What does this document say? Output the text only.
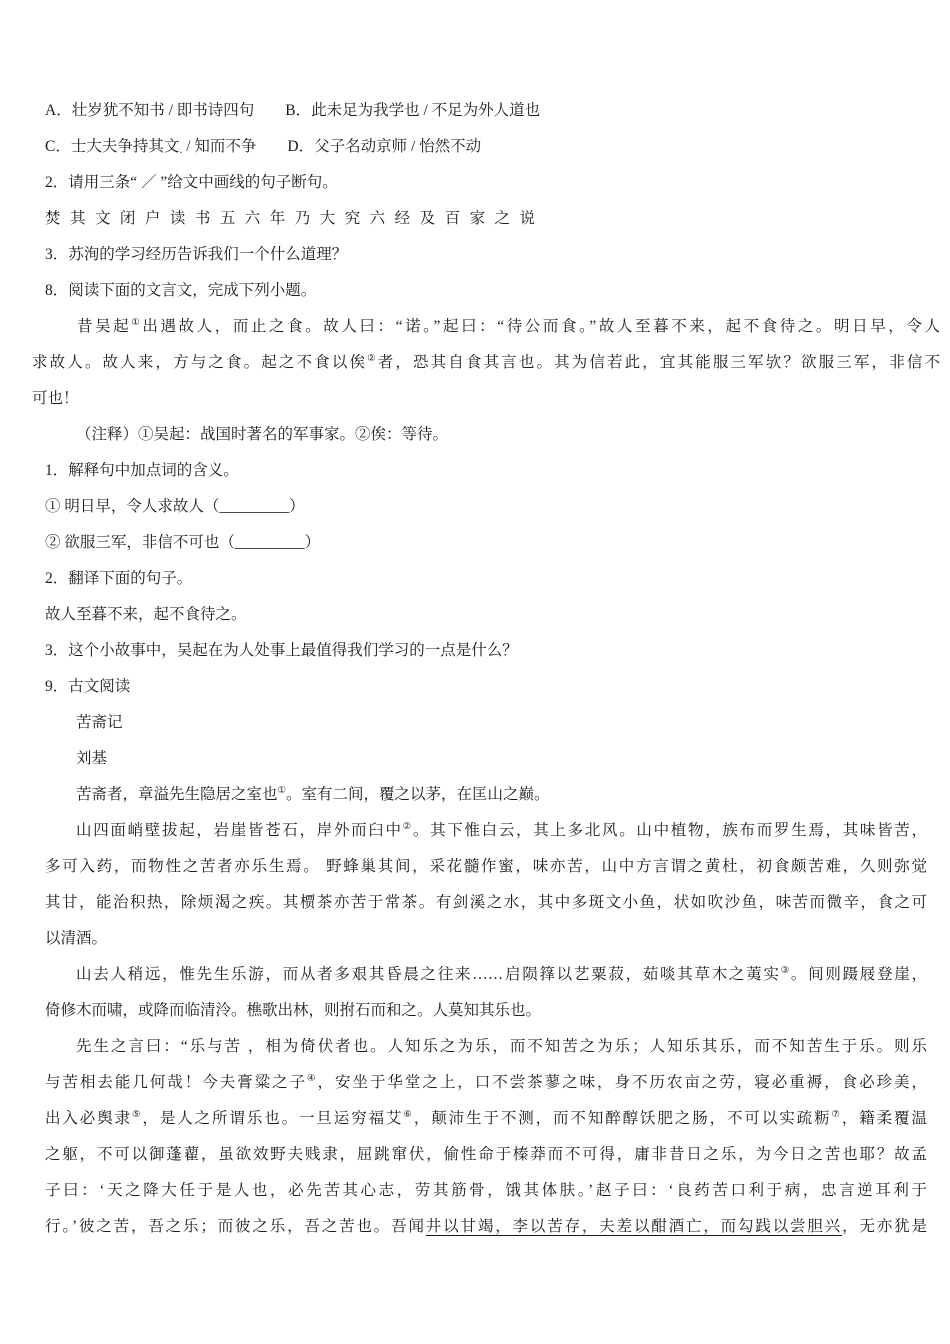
A．壮岁犹不知书 / 即书诗四句　　 B．此未足为我学也 / 不足为外人道也
C．士大夫争持其文. / 知而不争　　 D．父子名动京师 / 怡然不动
2．请用三条“ ／ ”给文中画线的句子断句。
焚 其 文 闭 户 读 书 五 六 年 乃 大 究 六 经 及 百 家 之 说
3．苏洵的学习经历告诉我们一个什么道理？
8．阅读下面的文言文，完成下列小题。
昔吴起①出遇故人，而止之食。故人曰：“诺。”起曰：“待公而食。”故人至暮不来，起不食待之。明日早，令人
求故人。故人来，方与之食。起之不食以俟②者，恐其自食其言也。其为信若此，宜其能服三军欤？欲服三军，非信不
可也！
（注释）①吴起：战国时著名的军事家。②俟：等待。
1．解释句中加点词的含义。
① 明日早，令人求故人（_________）
② 欲服三军，非信不可也（_________）
2．翻译下面的句子。
故人至暮不来，起不食待之。
3．这个小故事中，吴起在为人处事上最值得我们学习的一点是什么？
9．古文阅读
苦斋记
刘基
苦斋者，章溢先生隐居之室也①。室有二间，覆之以茅，在匡山之巅。
山四面峭壁拔起，岩崖皆苍石，岸外而臼中②。其下惟白云，其上多北风。山中植物，族布而罗生焉，其味皆苦，
多可入药，而物性之苦者亦乐生焉。 野蜂巢其间，采花髓作蜜，味亦苦，山中方言谓之黄杜，初食颇苦难，久则弥觉
其甘，能治积热，除烦渴之疾。其槚茶亦苦于常茶。有剑溪之水，其中多斑文小鱼，状如吹沙鱼，味苦而微辛，食之可
以清酒。
山去人稍远，惟先生乐游，而从者多艰其昏晨之往来……启陨箨以艺粟菽，茹啖其草木之荑实③。间则蹑屐登崖，
倚修木而啸，或降而临清泠。樵歌出林，则拊石而和之。人莫知其乐也。
先生之言曰：“乐与苦 ，相为倚伏者也。人知乐之为乐，而不知苦之为乐；人知乐其乐，而不知苦生于乐。则乐
与苦相去能几何哉！今夫膏粱之子④，安坐于华堂之上，口不尝茶蓼之味，身不历农亩之劳，寝必重褥，食必珍美，
出入必舆隶⑤，是人之所谓乐也。一旦运穷福艾⑥，颠沛生于不测，而不知醉醇饫肥之肠，不可以实疏粝⑦，籍柔覆温
之躯，不可以御蓬藋，虽欲效野夫贱隶，屈跳窜伏，偷性命于榛莽而不可得，庸非昔日之乐，为今日之苦也耶？故孟
子曰：‘天之降大任于是人也，必先苦其心志，劳其筋骨，饿其体肤。’赵子曰：‘良药苦口利于病，忠言逆耳利于
行。’彼之苦，吾之乐；而彼之乐，吾之苦也。吾闻井以甘竭，李以苦存，夫差以酣酒亡，而勾践以尝胆兴，无亦犹是
